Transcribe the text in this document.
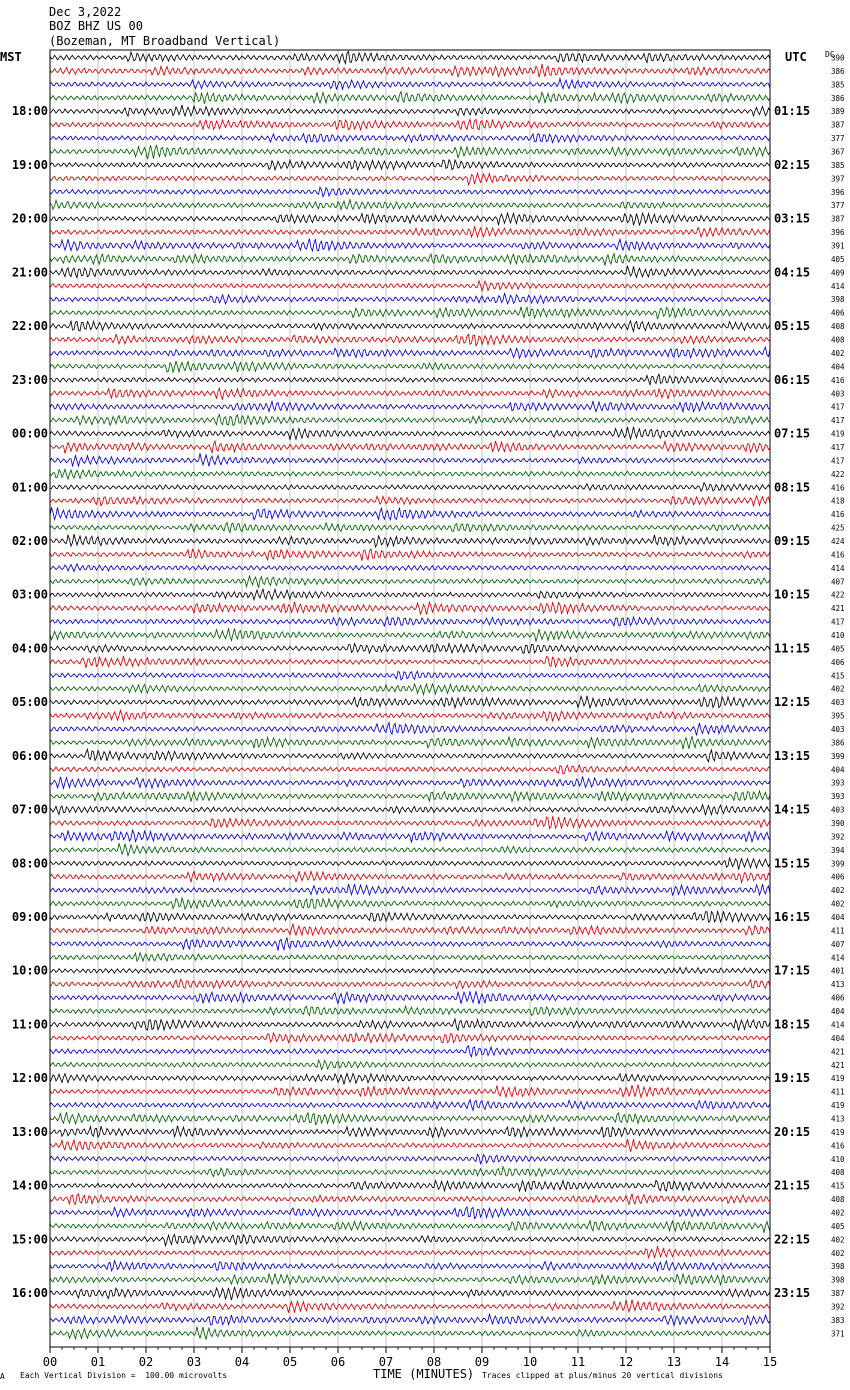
00	01	02	03	04	05	06	07	08	09	10	11	12	13	14	15
18:00
19:00
20:00
21:00
22:00
23:00
00:00
01:00
02:00
03:00
04:00
05:00
06:00
07:00
08:00
09:00
10:00
11:00
12:00
13:00
14:00
15:00
16:00
01:15
02:15
03:15
04:15
05:15
06:15
07:15
08:15
09:15
10:15
11:15
12:15
13:15
14:15
15:15
16:15
17:15
18:15
19:15
20:15
21:15
22:15
23:15
390
386
385
386
389
387
377
367
385
397
396
377
387
396
391
405
409
414
398
406
408
408
402
404
416
403
417
417
419
417
417
422
416
418
416
425
424
416
414
407
422
421
417
410
405
406
415
402
403
395
403
386
399
404
393
393
403
390
392
394
399
406
402
402
404
411
407
414
401
413
406
404
414
404
421
421
419
411
419
413
419
416
410
408
415
408
402
405
402
402
398
398
387
392
383
371
Dec 3,2022
BOZ BHZ US 00
(Bozeman, MT Broadband Vertical)
MST	UTC DC
A Each Vertical Division =  100.00 microvolts	TIME (MINUTES) Traces clipped at plus/minus 20 vertical divisions
